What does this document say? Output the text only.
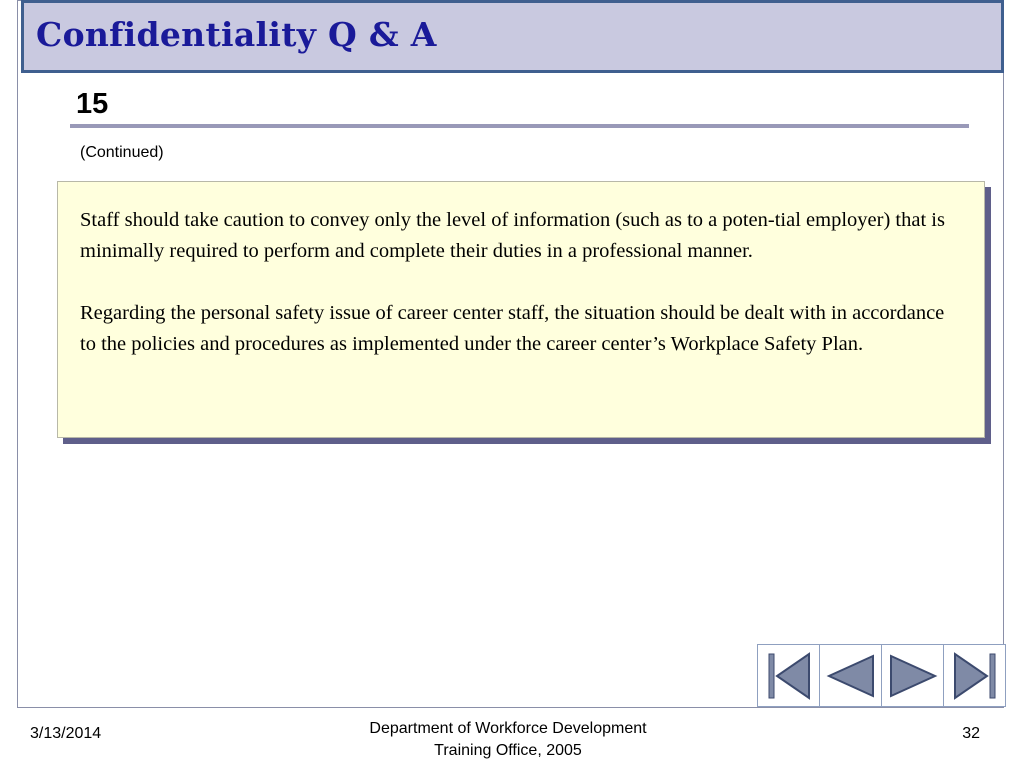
Confidentiality Q & A
15
(Continued)

Staff should take caution to convey only the level of information (such as to a poten-tial employer) that is minimally required to perform and complete their duties in a professional manner.

Regarding the personal safety issue of career center staff, the situation should be dealt with in accordance to the policies and procedures as implemented under the career center’s Workplace Safety Plan.

3/13/2014	Department of Workforce Development
Training Office, 2005
32
